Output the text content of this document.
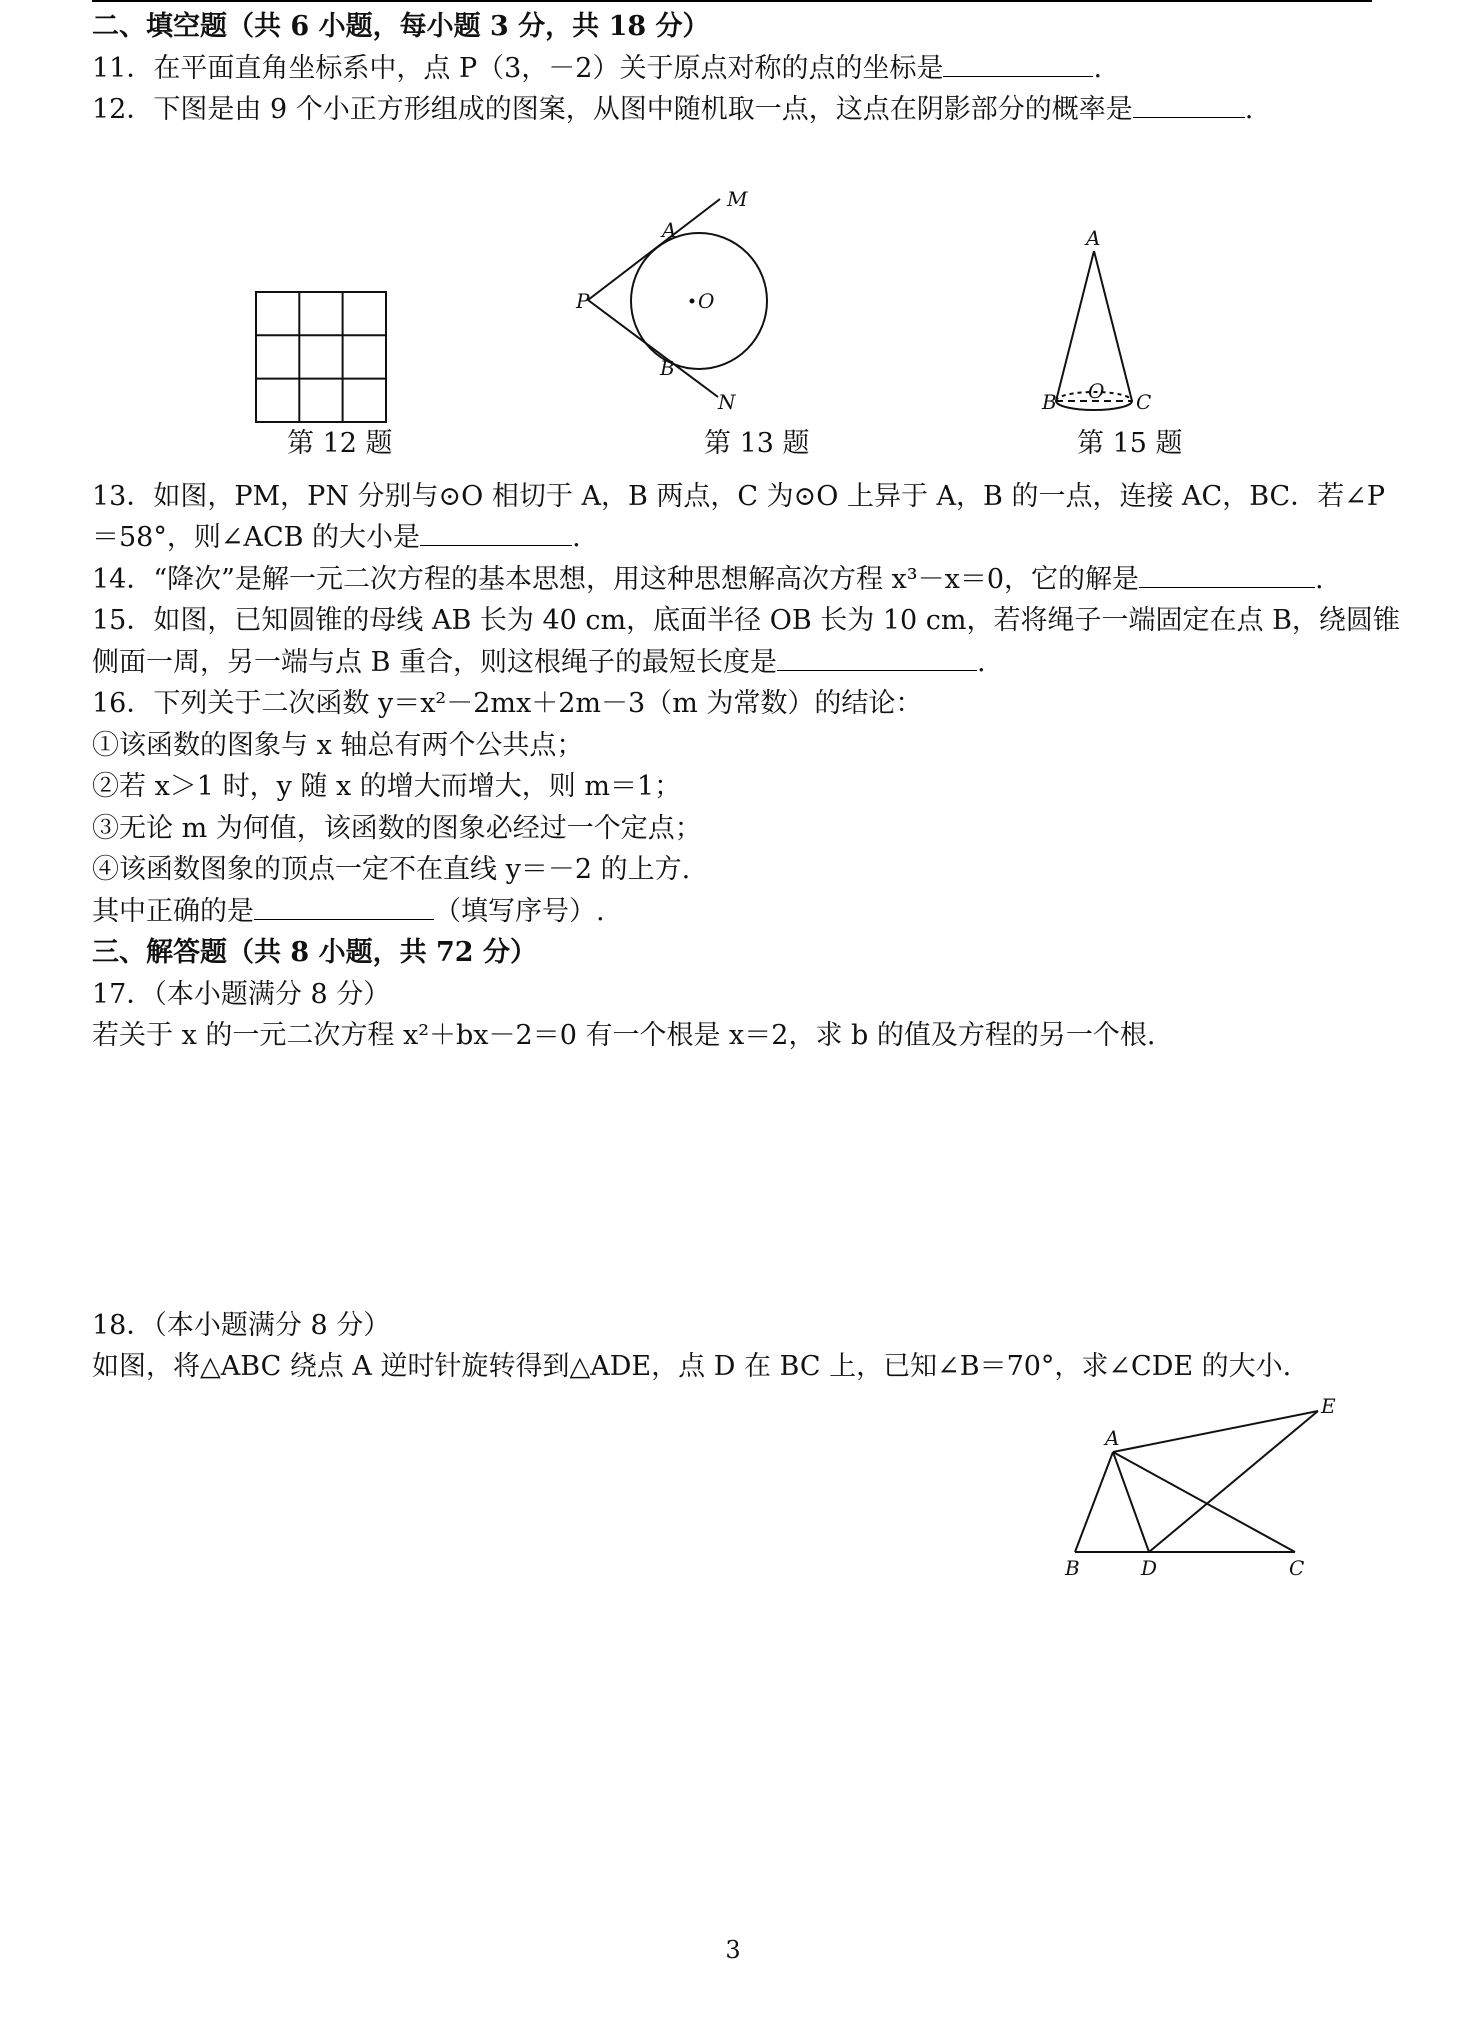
二、填空题（共 6 小题，每小题 3 分，共 18 分）
11．在平面直角坐标系中，点 P（3，－2）关于原点对称的点的坐标是	.
12．下图是由 9 个小正方形组成的图案，从图中随机取一点，这点在阴影部分的概率是	.
A
M
P	O
B
N
A
B O C
第 12 题	第 13 题	第 15 题
13．如图，PM，PN 分别与⊙O 相切于 A，B 两点，C 为⊙O 上异于 A，B 的一点，连接 AC，BC．若∠P
＝58°，则∠ACB 的大小是	.
14．“降次”是解一元二次方程的基本思想，用这种思想解高次方程 x³－x＝0，它的解是	.
15．如图，已知圆锥的母线 AB 长为 40 cm，底面半径 OB 长为 10 cm，若将绳子一端固定在点 B，绕圆锥
侧面一周，另一端与点 B 重合，则这根绳子的最短长度是	.
16．下列关于二次函数 y＝x²－2mx＋2m－3（m 为常数）的结论：
①该函数的图象与 x 轴总有两个公共点；
②若 x＞1 时，y 随 x 的增大而增大，则 m＝1；
③无论 m 为何值，该函数的图象必经过一个定点；
④该函数图象的顶点一定不在直线 y＝－2 的上方.
其中正确的是	（填写序号）.
三、解答题（共 8 小题，共 72 分）
17．（本小题满分 8 分）
若关于 x 的一元二次方程 x²＋bx－2＝0 有一个根是 x＝2，求 b 的值及方程的另一个根.
18．（本小题满分 8 分）
如图，将△ABC 绕点 A 逆时针旋转得到△ADE，点 D 在 BC 上，已知∠B＝70°，求∠CDE 的大小.
A
E
B	D	C
3
